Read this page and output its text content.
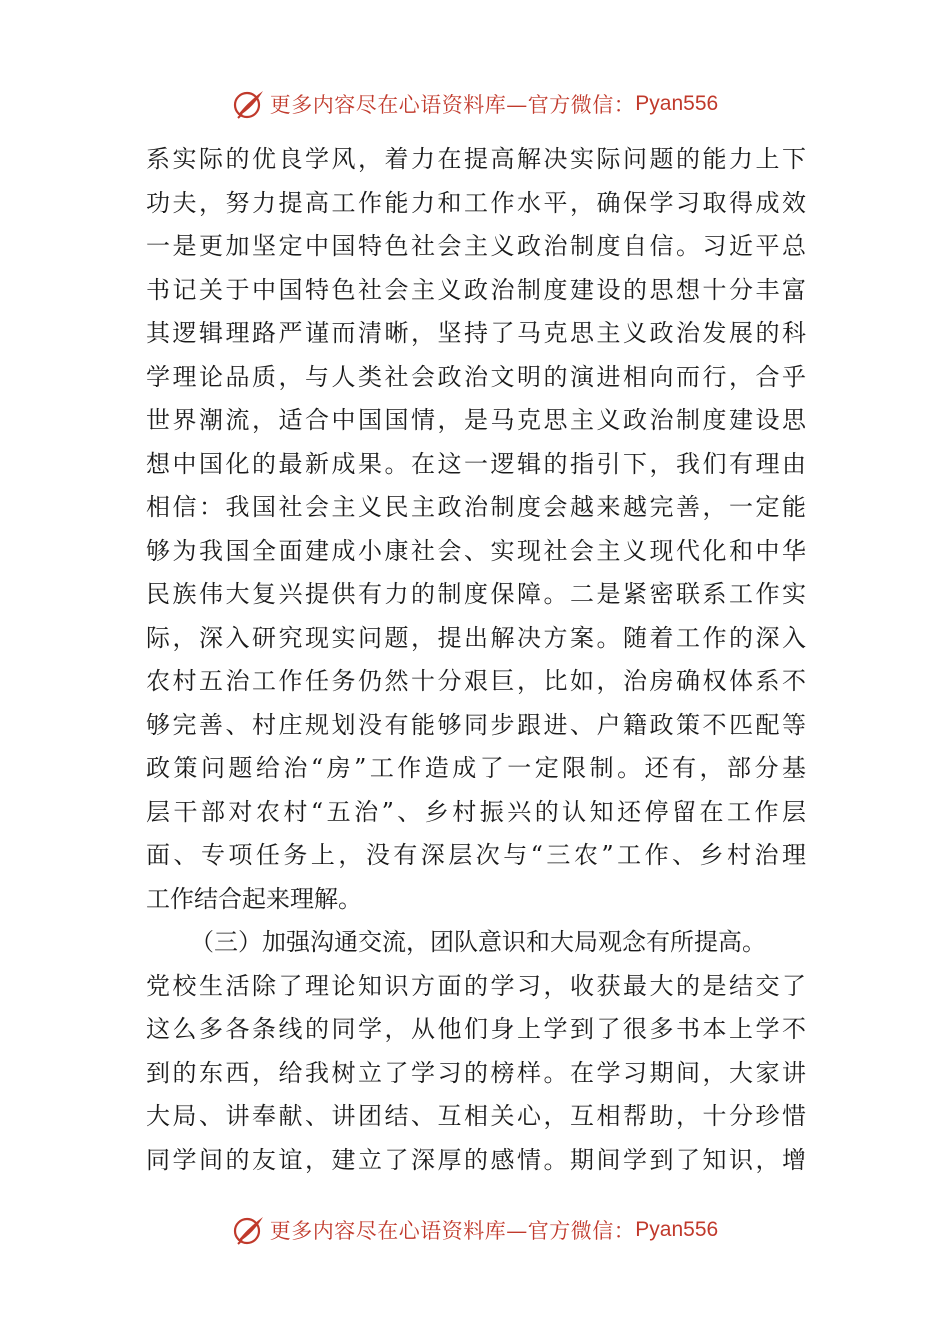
更多内容尽在心语资料库—官方微信： Pyan556
系实际的优良学风，着力在提高解决实际问题的能力上下
功夫，努力提高工作能力和工作水平，确保学习取得成效
一是更加坚定中国特色社会主义政治制度自信。习近平总
书记关于中国特色社会主义政治制度建设的思想十分丰富
其逻辑理路严谨而清晰，坚持了马克思主义政治发展的科
学理论品质，与人类社会政治文明的演进相向而行，合乎
世界潮流，适合中国国情，是马克思主义政治制度建设思
想中国化的最新成果。在这一逻辑的指引下，我们有理由
相信：我国社会主义民主政治制度会越来越完善，一定能
够为我国全面建成小康社会、实现社会主义现代化和中华
民族伟大复兴提供有力的制度保障。二是紧密联系工作实
际，深入研究现实问题，提出解决方案。随着工作的深入
农村五治工作任务仍然十分艰巨，比如，治房确权体系不
够完善、村庄规划没有能够同步跟进、户籍政策不匹配等
政策问题给治“房”工作造成了一定限制。还有，部分基
层干部对农村“五治”、乡村振兴的认知还停留在工作层
面、专项任务上，没有深层次与“三农”工作、乡村治理
工作结合起来理解。
（三）加强沟通交流，团队意识和大局观念有所提高。
党校生活除了理论知识方面的学习，收获最大的是结交了
这么多各条线的同学，从他们身上学到了很多书本上学不
到的东西，给我树立了学习的榜样。在学习期间，大家讲
大局、讲奉献、讲团结、互相关心，互相帮助，十分珍惜
同学间的友谊，建立了深厚的感情。期间学到了知识，增
更多内容尽在心语资料库—官方微信： Pyan556
